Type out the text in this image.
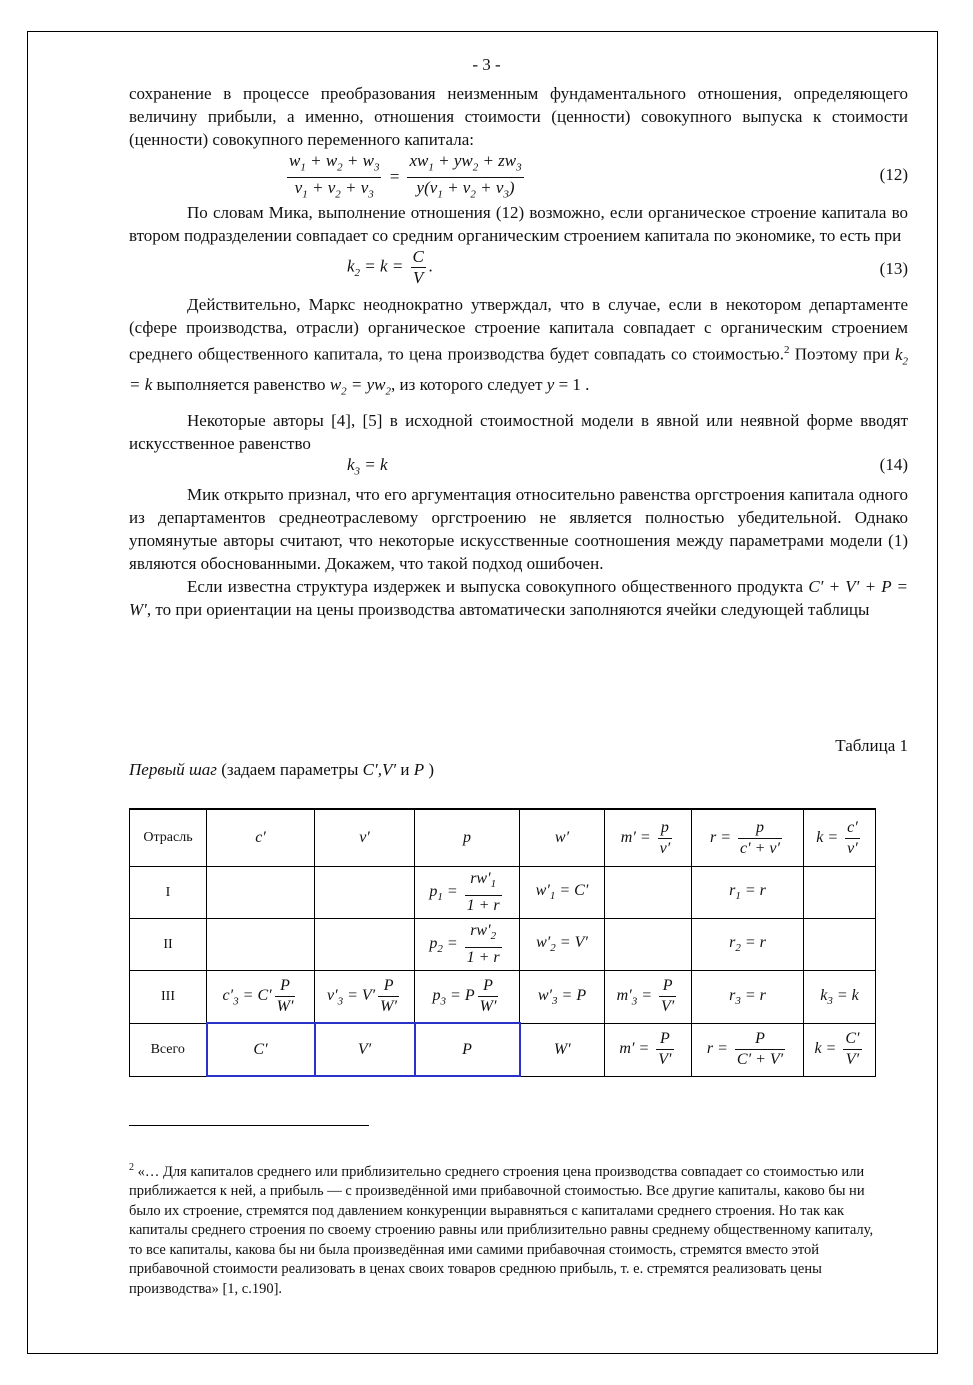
- 3 -

сохранение в процессе преобразования неизменным фундаментального отношения, определяющего величину прибыли, а именно, отношения стоимости (ценности) совокупного выпуска к стоимости (ценности) совокупного переменного капитала:

$\frac{w_1 + w_2 + w_3}{v_1 + v_2 + v_3} = \frac{xw_1 + yw_2 + zw_3}{y(v_1 + v_2 + v_3)}$	(12)

По словам Мика, выполнение отношения (12) возможно, если органическое строение капитала во втором подразделении совпадает со средним органическим строением капитала по экономике, то есть при

$k_2 = k = \frac{C}{V}$ .	(13)

Действительно, Маркс неоднократно утверждал, что в случае, если в некотором департаменте (сфере производства, отрасли) органическое строение капитала совпадает с органическим строением среднего общественного капитала, то цена производства будет совпадать со стоимостью.$^2$ Поэтому при $k_2 = k$ выполняется равенство $w_2 = yw_2$, из которого следует y = 1 .

Некоторые авторы [4], [5] в исходной стоимостной модели в явной или неявной форме вводят искусственное равенство

$k_3 = k$	(14)

Мик открыто признал, что его аргументация относительно равенства оргстроения капитала одного из департаментов среднеотраслевому оргстроению не является полностью убедительной. Однако упомянутые авторы считают, что некоторые искусственные соотношения между параметрами модели (1) являются обоснованными. Докажем, что такой подход ошибочен.

Если известна структура издержек и выпуска совокупного общественного продукта C′ + V′ + P = W′, то при ориентации на цены производства автоматически заполняются ячейки следующей таблицы

Таблица 1
Первый шаг (задаем параметры C′,V′ и P )
Отрасль	c′	v′	p	w′	$m' = \frac{p}{v'}$	$r = \frac{p}{c' + v'}$	$k = \frac{c'}{v'}$

I			$p_1 = \frac{rw'_1}{1 + r}$	$w'_1 = C'$		$r_1 = r$	
II			$p_2 = \frac{rw'_2}{1 + r}$	$w'_2 = V'$		$r_2 = r$	
III	$c'_3 = C' \frac{P}{W'}$	$v'_3 = V' \frac{P}{W'}$	$p_3 = P \frac{P}{W'}$	$w'_3 = P$	$m'_3 = \frac{P}{V'}$	$r_3 = r$	$k_3 = k$
Всего	C′	V′	P	W′	$m' = \frac{P}{V'}$	$r = \frac{P}{C' + V'}$	$k = \frac{C'}{V'}$
$^2$ «… Для капиталов среднего или приблизительно среднего строения цена производства совпадает со стоимостью или приближается к ней, а прибыль — с произведённой ими прибавочной стоимостью. Все другие капиталы, каково бы ни было их строение, стремятся под давлением конкуренции выравняться с капиталами среднего строения. Но так как капиталы среднего строения по своему строению равны или приблизительно равны среднему общественному капиталу, то все капиталы, какова бы ни была произведённая ими самими прибавочная стоимость, стремятся вместо этой прибавочной стоимости реализовать в ценах своих товаров среднюю прибыль, т. е. стремятся реализовать цены производства» [1, с.190].
